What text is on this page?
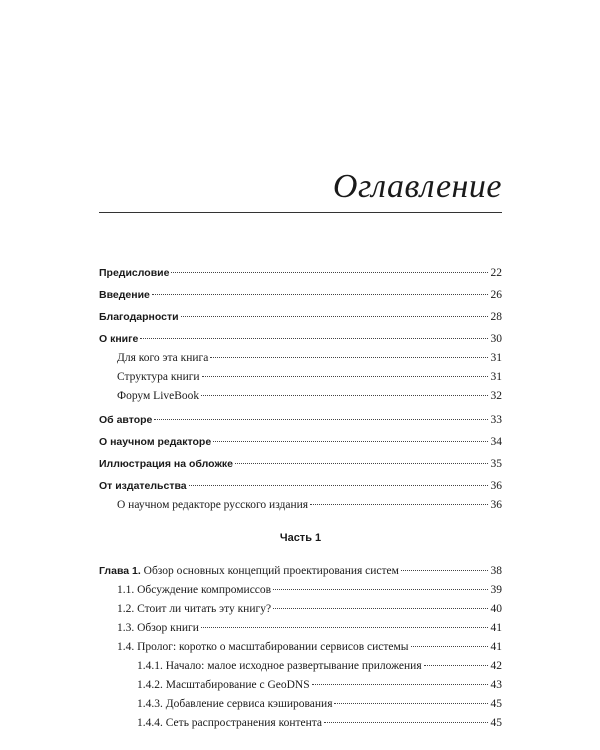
Оглавление
Предисловие	22
Введение	26
Благодарности	28
О книге	30
Для кого эта книга	31
Структура книги	31
Форум LiveBook	32
Об авторе	33
О научном редакторе	34
Иллюстрация на обложке	35
От издательства	36
О научном редакторе русского издания	36
Часть 1
Глава 1. Обзор основных концепций проектирования систем	38
1.1. Обсуждение компромиссов	39
1.2. Стоит ли читать эту книгу?	40
1.3. Обзор книги	41
1.4. Пролог: коротко о масштабировании сервисов системы	41
1.4.1. Начало: малое исходное развертывание приложения	42
1.4.2. Масштабирование с GeoDNS	43
1.4.3. Добавление сервиса кэширования	45
1.4.4. Сеть распространения контента	45
